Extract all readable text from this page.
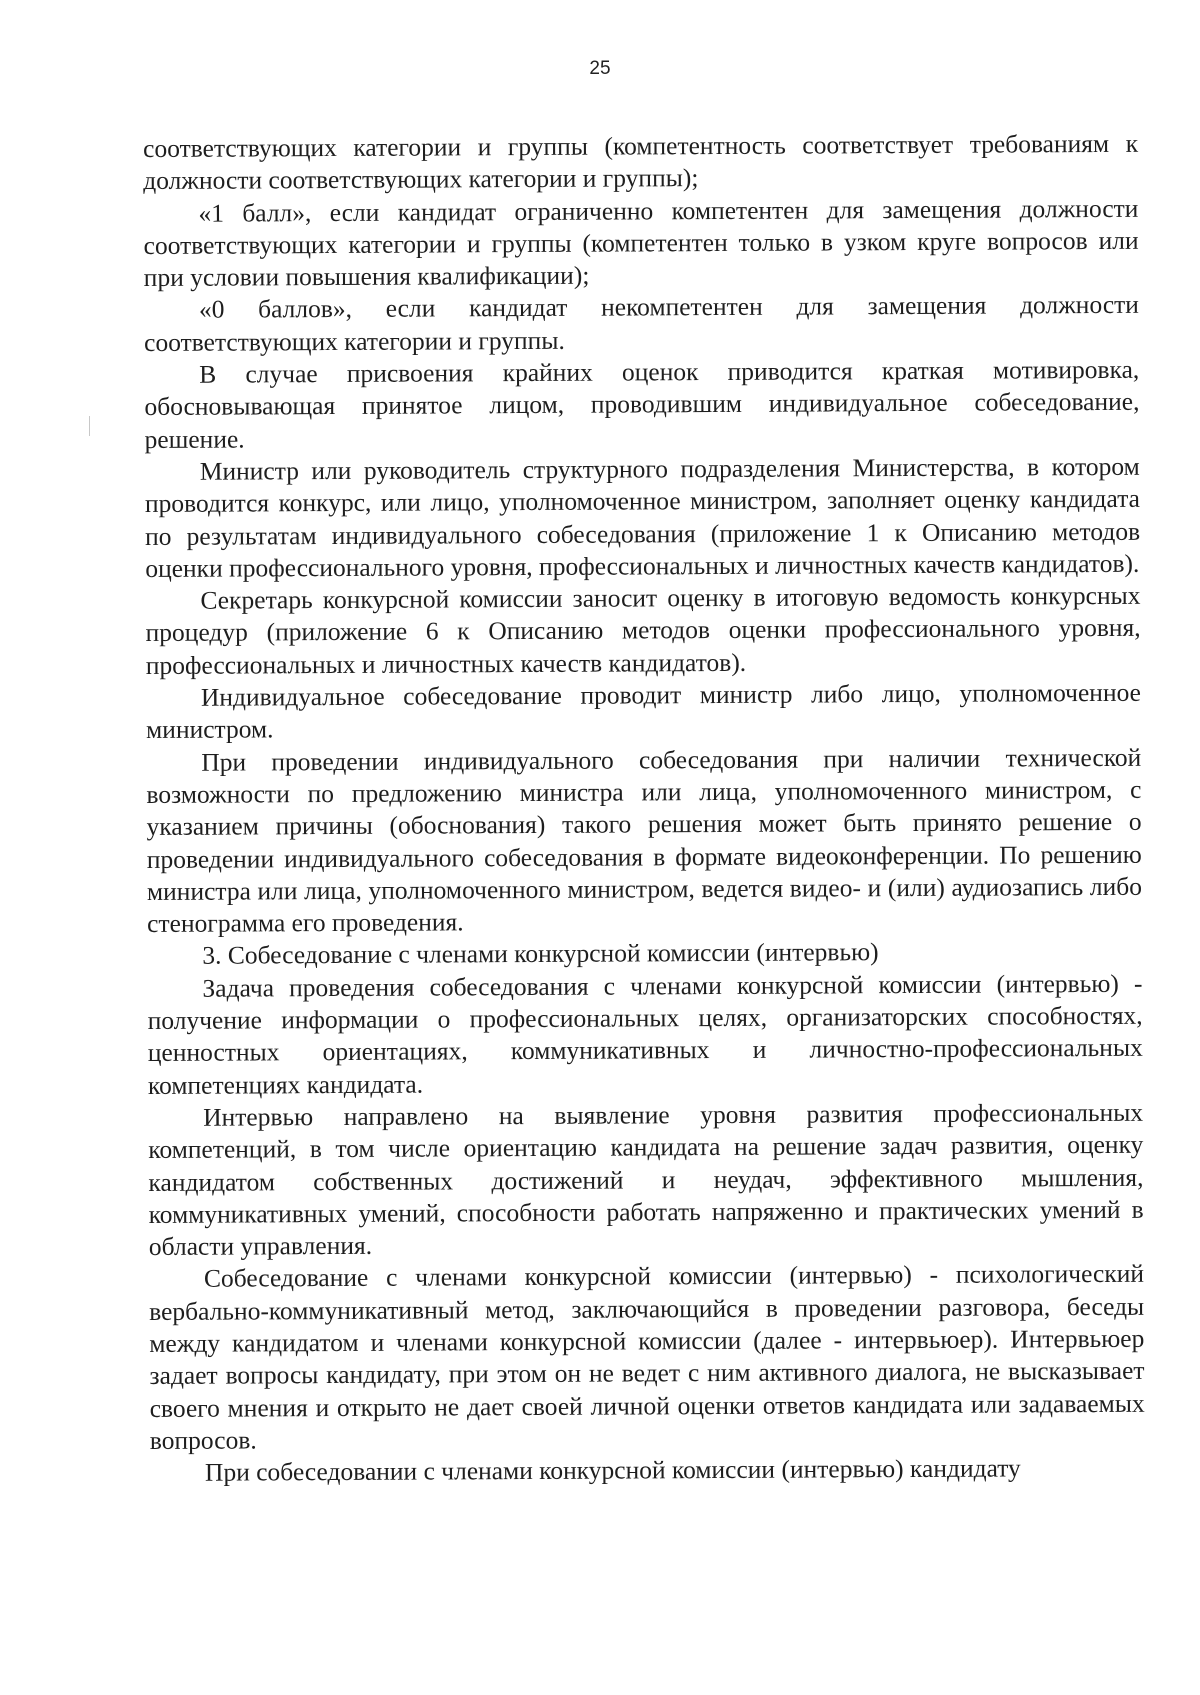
25

соответствующих категории и группы (компетентность соответствует требованиям к должности соответствующих категории и группы);

«1 балл», если кандидат ограниченно компетентен для замещения должности соответствующих категории и группы (компетентен только в узком круге вопросов или при условии повышения квалификации);

«0 баллов», если кандидат некомпетентен для замещения должности соответствующих категории и группы.

В случае присвоения крайних оценок приводится краткая мотивировка, обосновывающая принятое лицом, проводившим индивидуальное собеседование, решение.

Министр или руководитель структурного подразделения Министерства, в котором проводится конкурс, или лицо, уполномоченное министром, заполняет оценку кандидата по результатам индивидуального собеседования (приложение 1 к Описанию методов оценки профессионального уровня, профессиональных и личностных качеств кандидатов).

Секретарь конкурсной комиссии заносит оценку в итоговую ведомость конкурсных процедур (приложение 6 к Описанию методов оценки профессионального уровня, профессиональных и личностных качеств кандидатов).

Индивидуальное собеседование проводит министр либо лицо, уполномоченное министром.

При проведении индивидуального собеседования при наличии технической возможности по предложению министра или лица, уполномоченного министром, с указанием причины (обоснования) такого решения может быть принято решение о проведении индивидуального собеседования в формате видеоконференции. По решению министра или лица, уполномоченного министром, ведется видео- и (или) аудиозапись либо стенограмма его проведения.

3. Собеседование с членами конкурсной комиссии (интервью)

Задача проведения собеседования с членами конкурсной комиссии (интервью) - получение информации о профессиональных целях, организаторских способностях, ценностных ориентациях, коммуникативных и личностно-профессиональных компетенциях кандидата.

Интервью направлено на выявление уровня развития профессиональных компетенций, в том числе ориентацию кандидата на решение задач развития, оценку кандидатом собственных достижений и неудач, эффективного мышления, коммуникативных умений, способности работать напряженно и практических умений в области управления.

Собеседование с членами конкурсной комиссии (интервью) - психологический вербально-коммуникативный метод, заключающийся в проведении разговора, беседы между кандидатом и членами конкурсной комиссии (далее - интервьюер). Интервьюер задает вопросы кандидату, при этом он не ведет с ним активного диалога, не высказывает своего мнения и открыто не дает своей личной оценки ответов кандидата или задаваемых вопросов.

При собеседовании с членами конкурсной комиссии (интервью) кандидату
